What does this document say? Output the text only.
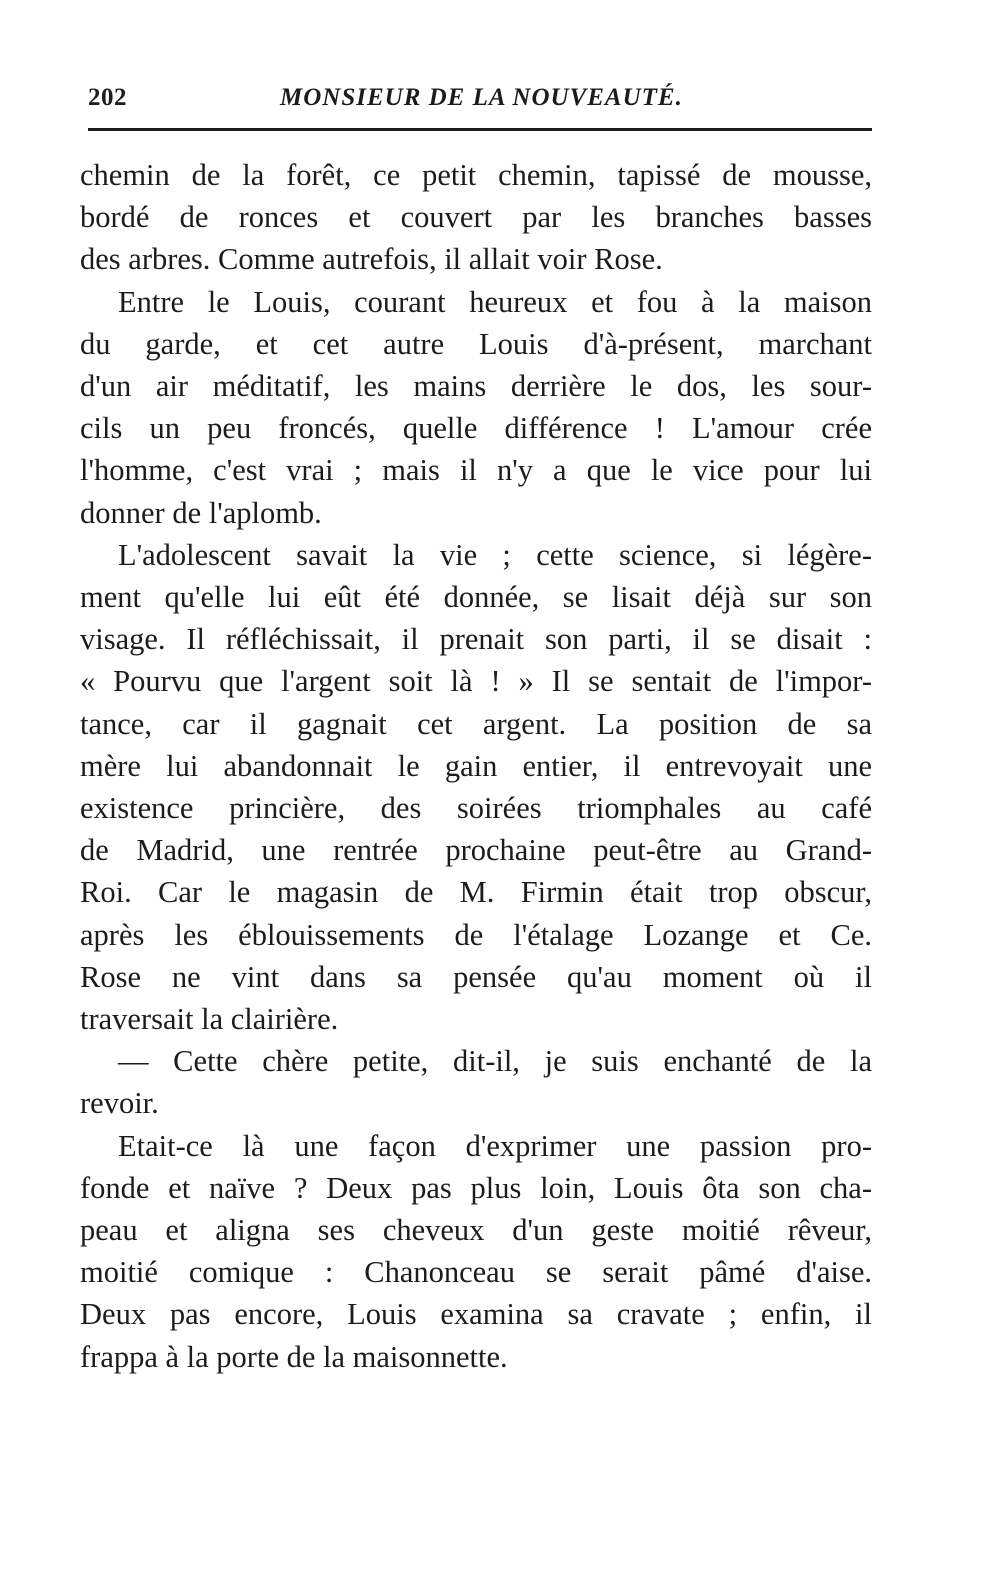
202	MONSIEUR DE LA NOUVEAUTÉ.
chemin de la forêt, ce petit chemin, tapissé de mousse,
bordé de ronces et couvert par les branches basses
des arbres. Comme autrefois, il allait voir Rose.
Entre le Louis, courant heureux et fou à la maison
du garde, et cet autre Louis d'à-présent, marchant
d'un air méditatif, les mains derrière le dos, les sour-
cils un peu froncés, quelle différence ! L'amour crée
l'homme, c'est vrai ; mais il n'y a que le vice pour lui
donner de l'aplomb.
L'adolescent savait la vie ; cette science, si légère-
ment qu'elle lui eût été donnée, se lisait déjà sur son
visage. Il réfléchissait, il prenait son parti, il se disait :
« Pourvu que l'argent soit là ! » Il se sentait de l'impor-
tance, car il gagnait cet argent. La position de sa
mère lui abandonnait le gain entier, il entrevoyait une
existence princière, des soirées triomphales au café
de Madrid, une rentrée prochaine peut-être au Grand-
Roi. Car le magasin de M. Firmin était trop obscur,
après les éblouissements de l'étalage Lozange et Ce.
Rose ne vint dans sa pensée qu'au moment où il
traversait la clairière.
— Cette chère petite, dit-il, je suis enchanté de la
revoir.
Etait-ce là une façon d'exprimer une passion pro-
fonde et naïve ? Deux pas plus loin, Louis ôta son cha-
peau et aligna ses cheveux d'un geste moitié rêveur,
moitié comique : Chanonceau se serait pâmé d'aise.
Deux pas encore, Louis examina sa cravate ; enfin, il
frappa à la porte de la maisonnette.
